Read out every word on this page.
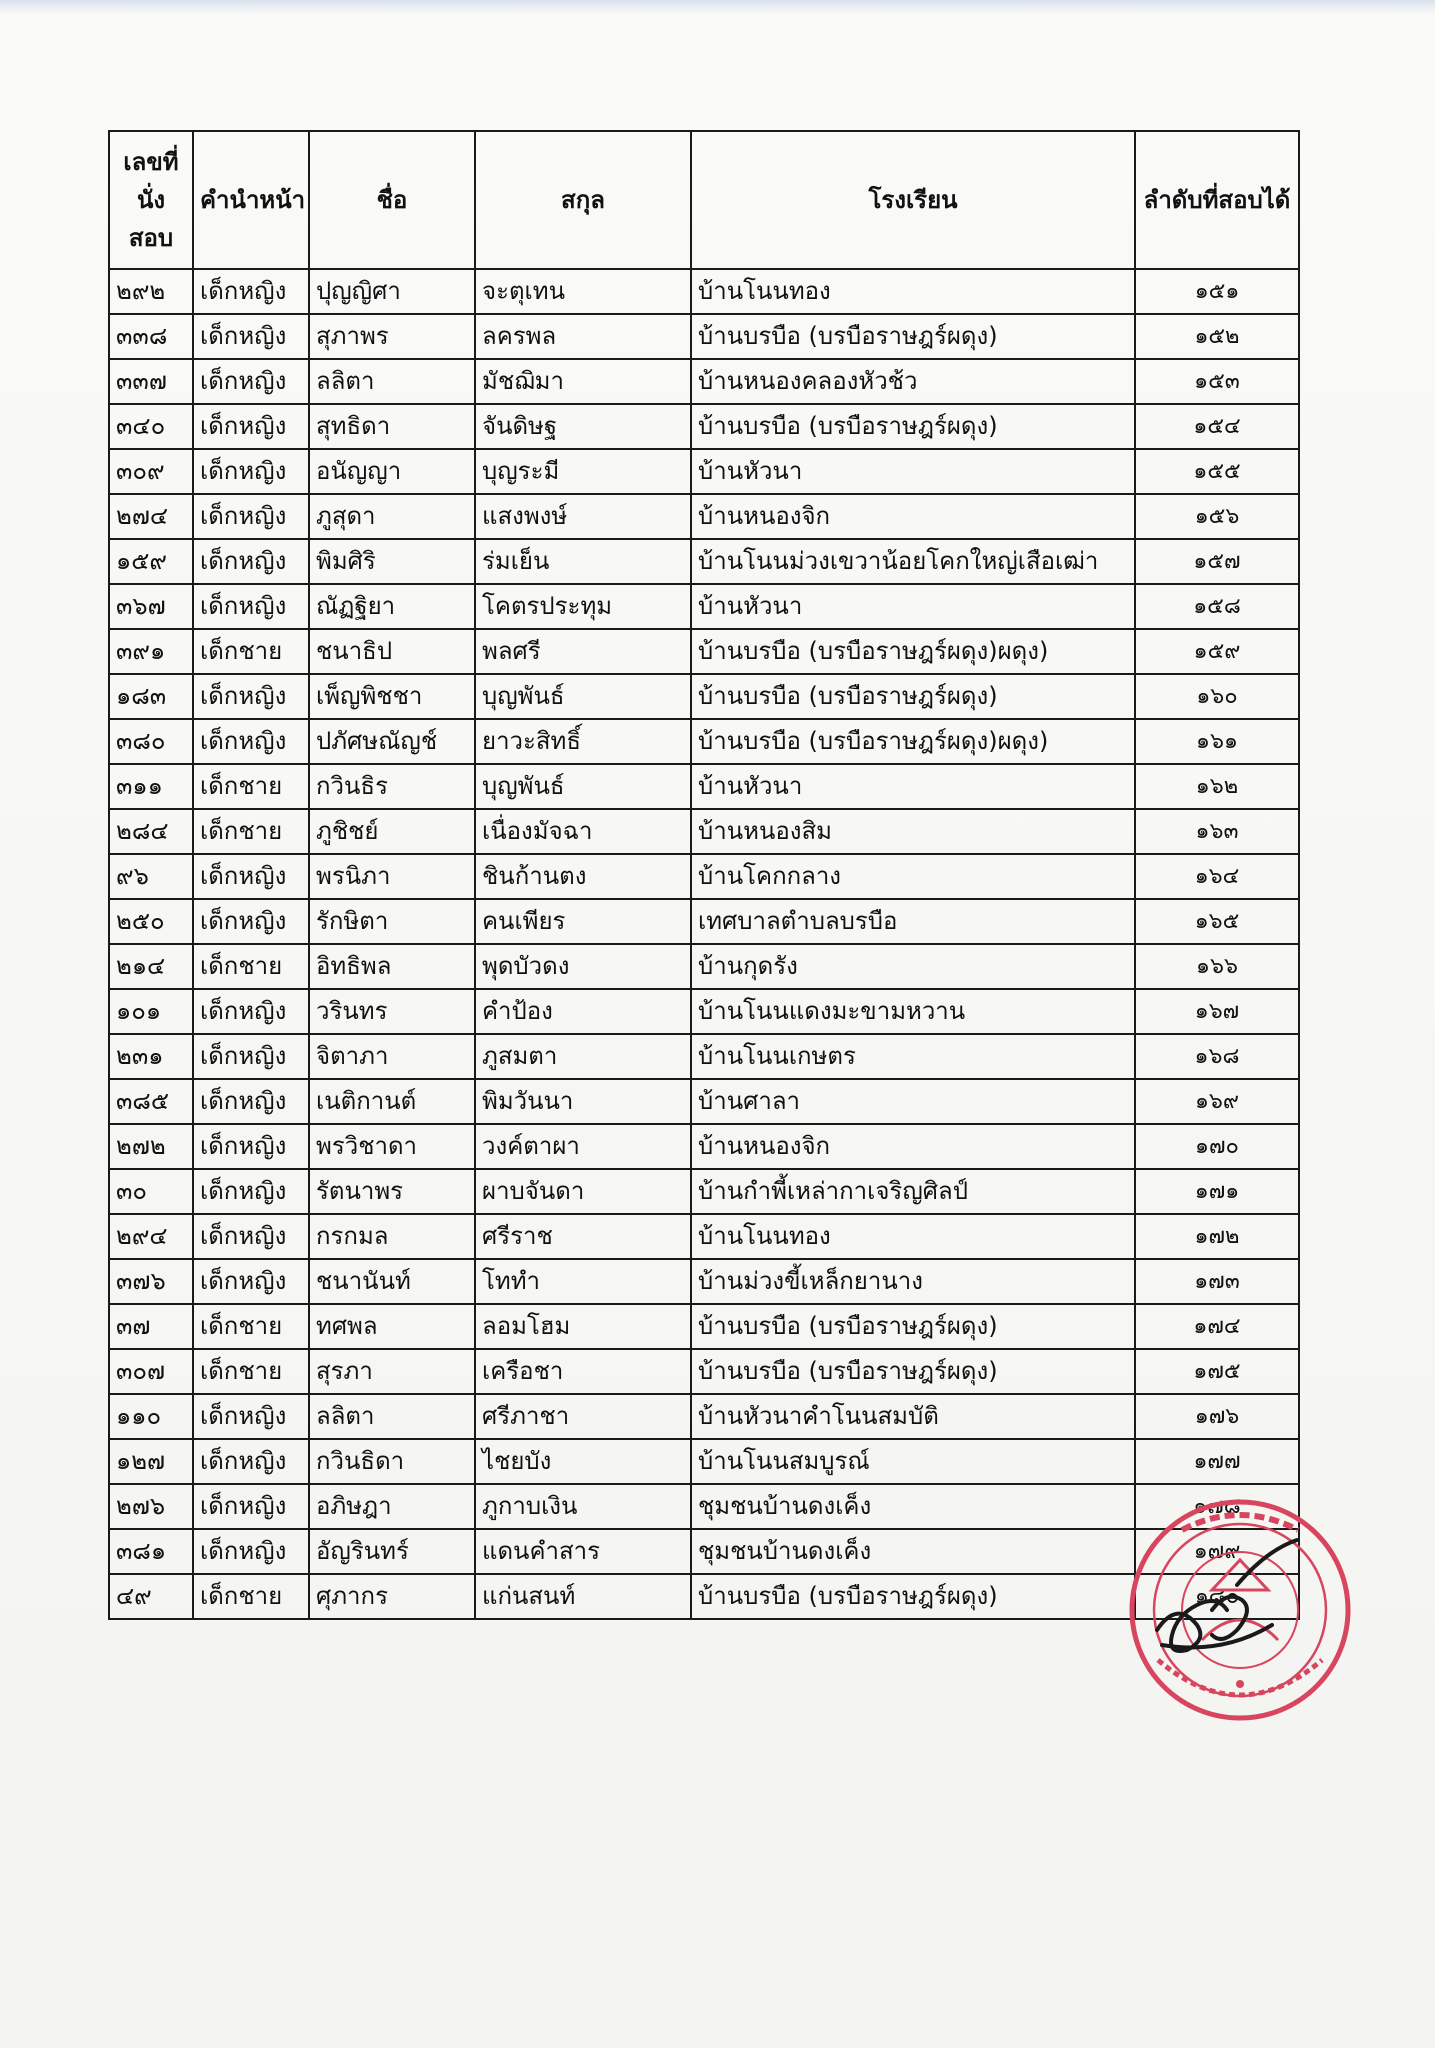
เลขที่ นั่ง สอบ	คำนำหน้า	ชื่อ	สกุล	โรงเรียน	ลำดับที่สอบได้
๒๙๒	เด็กหญิง	ปุญญิศา	จะตุเทน	บ้านโนนทอง	๑๕๑
๓๓๘	เด็กหญิง	สุภาพร	ลครพล	บ้านบรบือ (บรบือราษฎร์ผดุง)	๑๕๒
๓๓๗	เด็กหญิง	ลลิตา	มัชฌิมา	บ้านหนองคลองหัวช้ว	๑๕๓
๓๔๐	เด็กหญิง	สุทธิดา	จันดิษฐ	บ้านบรบือ (บรบือราษฎร์ผดุง)	๑๕๔
๓๐๙	เด็กหญิง	อนัญญา	บุญระมี	บ้านหัวนา	๑๕๕
๒๗๔	เด็กหญิง	ภูสุดา	แสงพงษ์	บ้านหนองจิก	๑๕๖
๑๕๙	เด็กหญิง	พิมศิริ	ร่มเย็น	บ้านโนนม่วงเขวาน้อยโคกใหญ่เสือเฒ่า	๑๕๗
๓๖๗	เด็กหญิง	ณัฏฐิยา	โคตรประทุม	บ้านหัวนา	๑๕๘
๓๙๑	เด็กชาย	ชนาธิป	พลศรี	บ้านบรบือ (บรบือราษฎร์ผดุง)ผดุง)	๑๕๙
๑๘๓	เด็กหญิง	เพ็ญพิชชา	บุญพันธ์	บ้านบรบือ (บรบือราษฎร์ผดุง)	๑๖๐
๓๘๐	เด็กหญิง	ปภัศษณัญช์	ยาวะสิทธิ์	บ้านบรบือ (บรบือราษฎร์ผดุง)ผดุง)	๑๖๑
๓๑๑	เด็กชาย	กวินธิร	บุญพันธ์	บ้านหัวนา	๑๖๒
๒๘๔	เด็กชาย	ภูชิชย์	เนื่องมัจฉา	บ้านหนองสิม	๑๖๓
๙๖	เด็กหญิง	พรนิภา	ชินก้านตง	บ้านโคกกลาง	๑๖๔
๒๕๐	เด็กหญิง	รักษิตา	คนเพียร	เทศบาลตำบลบรบือ	๑๖๕
๒๑๔	เด็กชาย	อิทธิพล	พุดบัวดง	บ้านกุดรัง	๑๖๖
๑๐๑	เด็กหญิง	วรินทร	คำป้อง	บ้านโนนแดงมะขามหวาน	๑๖๗
๒๓๑	เด็กหญิง	จิตาภา	ภูสมตา	บ้านโนนเกษตร	๑๖๘
๓๘๕	เด็กหญิง	เนติกานต์	พิมวันนา	บ้านศาลา	๑๖๙
๒๗๒	เด็กหญิง	พรวิชาดา	วงค์ตาผา	บ้านหนองจิก	๑๗๐
๓๐	เด็กหญิง	รัตนาพร	ผาบจันดา	บ้านกำพี้เหล่ากาเจริญศิลป์	๑๗๑
๒๙๔	เด็กหญิง	กรกมล	ศรีราช	บ้านโนนทอง	๑๗๒
๓๗๖	เด็กหญิง	ชนานันท์	โททำ	บ้านม่วงขี้เหล็กยานาง	๑๗๓
๓๗	เด็กชาย	ทศพล	ลอมโฮม	บ้านบรบือ (บรบือราษฎร์ผดุง)	๑๗๔
๓๐๗	เด็กชาย	สุรภา	เครือชา	บ้านบรบือ (บรบือราษฎร์ผดุง)	๑๗๕
๑๑๐	เด็กหญิง	ลลิตา	ศรีภาชา	บ้านหัวนาคำโนนสมบัติ	๑๗๖
๑๒๗	เด็กหญิง	กวินธิดา	ไชยบัง	บ้านโนนสมบูรณ์	๑๗๗
๒๗๖	เด็กหญิง	อภิษฎา	ภูกาบเงิน	ชุมชนบ้านดงเค็ง	๑๗๘
๓๘๑	เด็กหญิง	อัญรินทร์	แดนคำสาร	ชุมชนบ้านดงเค็ง	๑๗๙
๔๙	เด็กชาย	ศุภากร	แก่นสนท์	บ้านบรบือ (บรบือราษฎร์ผดุง)	๑๘๐
